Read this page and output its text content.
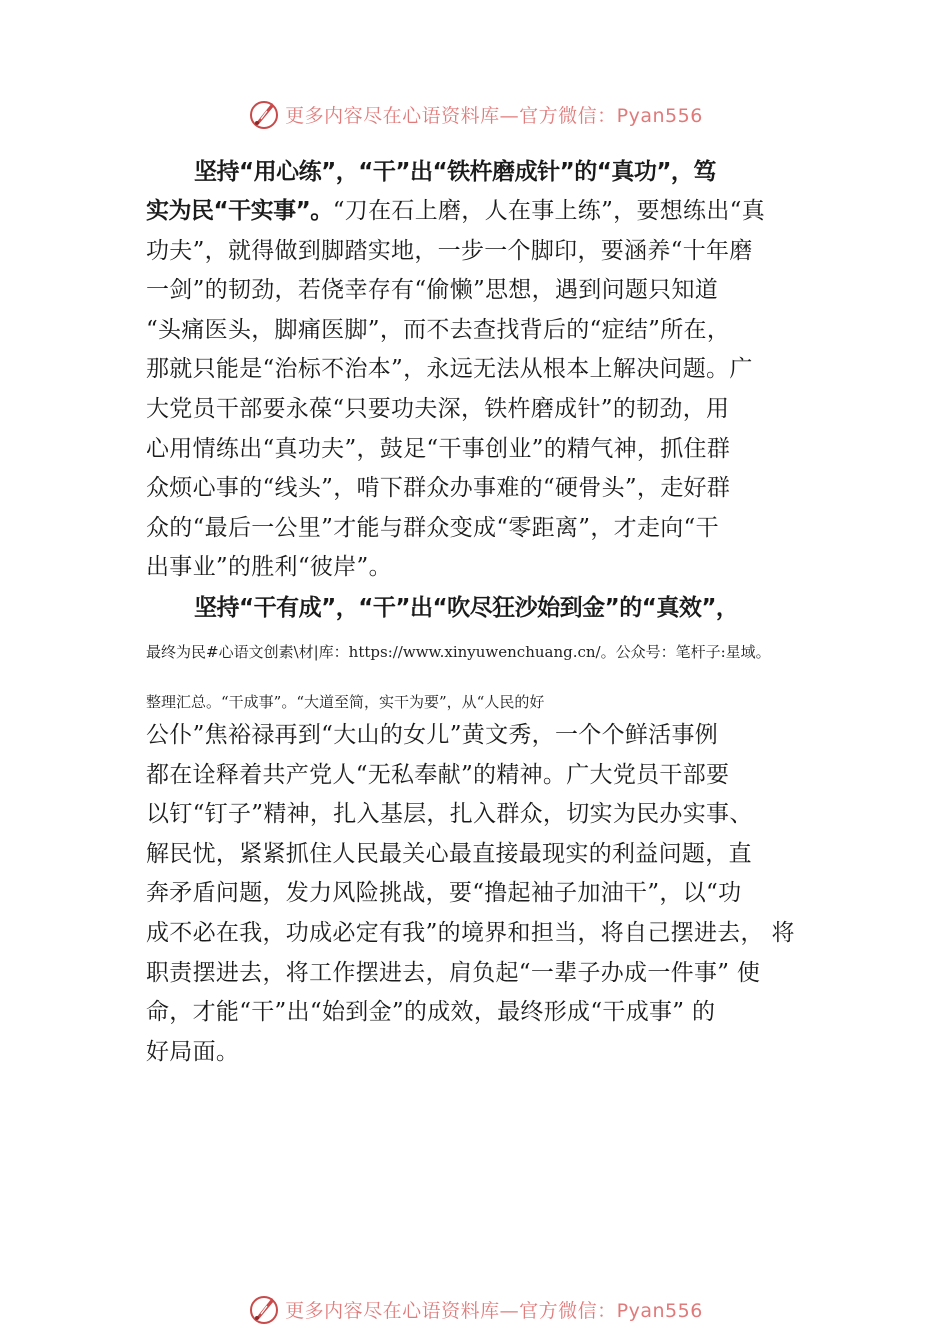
更多内容尽在心语资料库—官方微信：Pyan556
坚持“用心练”，“干”出“铁杵磨成针”的“真功”，笃
实为民“干实事”。“刀在石上磨，人在事上练”，要想练出“真
功夫”，就得做到脚踏实地，一步一个脚印，要涵养“十年磨
一剑”的韧劲，若侥幸存有“偷懒”思想，遇到问题只知道
“头痛医头，脚痛医脚”，而不去查找背后的“症结”所在，
那就只能是“治标不治本”，永远无法从根本上解决问题。广
大党员干部要永葆“只要功夫深，铁杵磨成针”的韧劲，用
心用情练出“真功夫”，鼓足“干事创业”的精气神，抓住群
众烦心事的“线头”，啃下群众办事难的“硬骨头”，走好群
众的“最后一公里”才能与群众变成“零距离”，才走向“干
出事业”的胜利“彼岸”。
坚持“干有成”，“干”出“吹尽狂沙始到金”的“真效”，
最终为民#心语文创素\材|库：https://www.xinyuwenchuang.cn/。公众号：笔杆子:星域。
整理汇总。“干成事”。“大道至简，实干为要”，从“人民的好
公仆”焦裕禄再到“大山的女儿”黄文秀，一个个鲜活事例
都在诠释着共产党人“无私奉献”的精神。广大党员干部要
以钉“钉子”精神，扎入基层，扎入群众，切实为民办实事、
解民忧，紧紧抓住人民最关心最直接最现实的利益问题，直
奔矛盾问题，发力风险挑战，要“撸起袖子加油干”，以“功
成不必在我，功成必定有我”的境界和担当，将自己摆进去， 将
职责摆进去，将工作摆进去，肩负起“一辈子办成一件事” 使
命，才能“干”出“始到金”的成效，最终形成“干成事” 的
好局面。
更多内容尽在心语资料库—官方微信：Pyan556
